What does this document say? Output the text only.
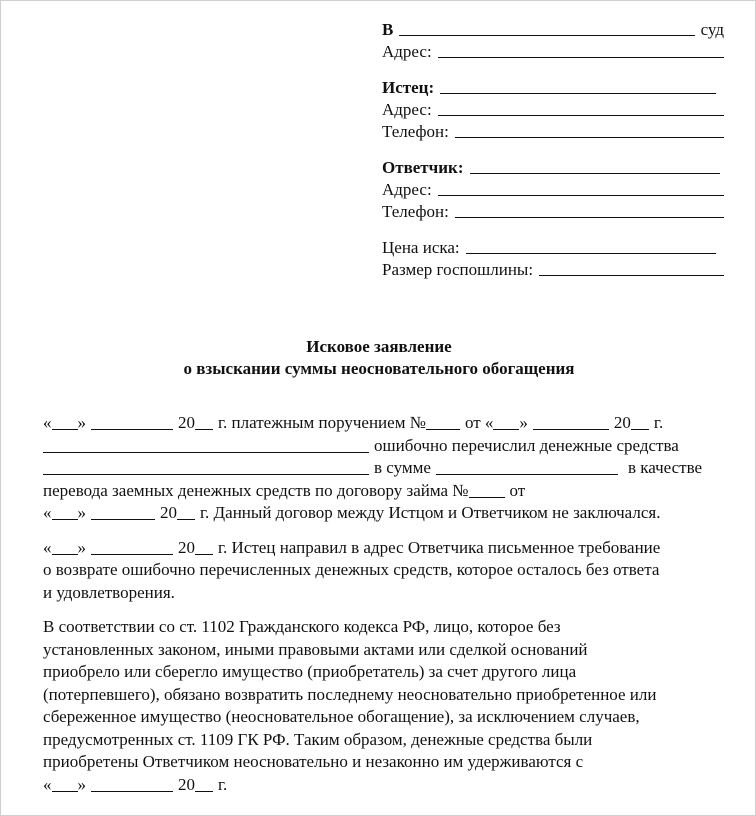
В	суд
Адрес:
Истец:
Адрес:
Телефон:
Ответчик:
Адрес:
Телефон:
Цена иска:
Размер госпошлины:
Исковое заявление
о взыскании суммы неосновательного обогащения
« »	20 г. платежным поручением № от « »	20 г.
ошибочно перечислил денежные средства
в сумме	в качестве
перевода заемных денежных средств по договору займа № от
« »	20 г. Данный договор между Истцом и Ответчиком не заключался.
« »	20 г. Истец направил в адрес Ответчика письменное требование
о возврате ошибочно перечисленных денежных средств, которое осталось без ответа
и удовлетворения.
В соответствии со ст. 1102 Гражданского кодекса РФ, лицо, которое без
установленных законом, иными правовыми актами или сделкой оснований
приобрело или сберегло имущество (приобретатель) за счет другого лица
(потерпевшего), обязано возвратить последнему неосновательно приобретенное или
сбереженное имущество (неосновательное обогащение), за исключением случаев,
предусмотренных ст. 1109 ГК РФ. Таким образом, денежные средства были
приобретены Ответчиком неосновательно и незаконно им удерживаются с
« »	20 г.
